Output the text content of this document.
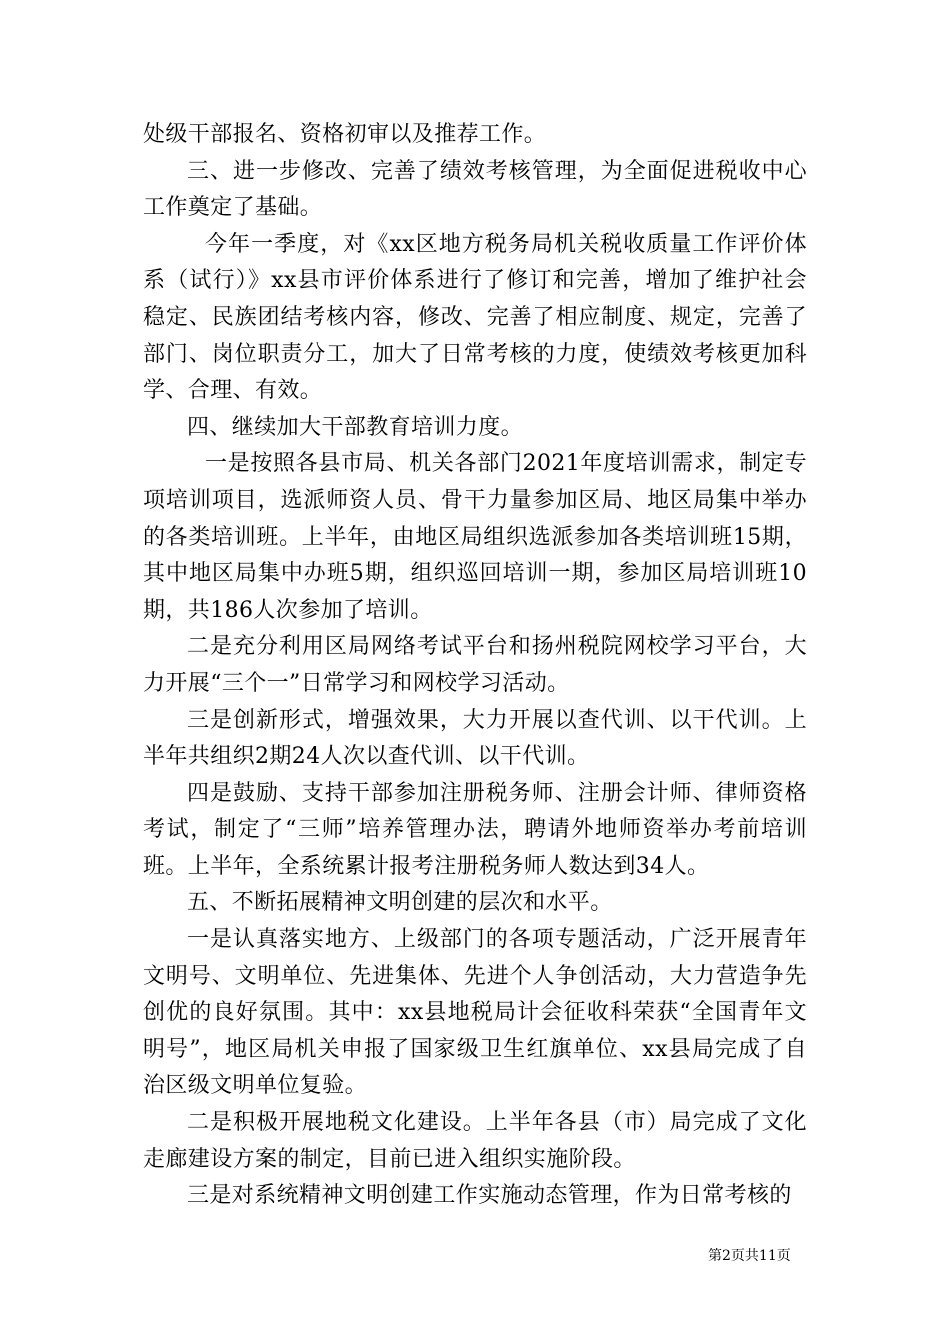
处级干部报名、资格初审以及推荐工作。

三、进一步修改、完善了绩效考核管理，为全面促进税收中心工作奠定了基础。

今年一季度，对《xx区地方税务局机关税收质量工作评价体系（试行）》xx县市评价体系进行了修订和完善，增加了维护社会稳定、民族团结考核内容，修改、完善了相应制度、规定，完善了部门、岗位职责分工，加大了日常考核的力度，使绩效考核更加科学、合理、有效。

四、继续加大干部教育培训力度。

一是按照各县市局、机关各部门2021年度培训需求，制定专项培训项目，选派师资人员、骨干力量参加区局、地区局集中举办的各类培训班。上半年，由地区局组织选派参加各类培训班15期，其中地区局集中办班5期，组织巡回培训一期，参加区局培训班10期，共186人次参加了培训。

二是充分利用区局网络考试平台和扬州税院网校学习平台，大力开展“三个一”日常学习和网校学习活动。

三是创新形式，增强效果，大力开展以查代训、以干代训。上半年共组织2期24人次以查代训、以干代训。

四是鼓励、支持干部参加注册税务师、注册会计师、律师资格考试，制定了“三师”培养管理办法，聘请外地师资举办考前培训班。上半年，全系统累计报考注册税务师人数达到34人。

五、不断拓展精神文明创建的层次和水平。

一是认真落实地方、上级部门的各项专题活动，广泛开展青年文明号、文明单位、先进集体、先进个人争创活动，大力营造争先创优的良好氛围。其中：xx县地税局计会征收科荣获“全国青年文明号”，地区局机关申报了国家级卫生红旗单位、xx县局完成了自治区级文明单位复验。

二是积极开展地税文化建设。上半年各县（市）局完成了文化走廊建设方案的制定，目前已进入组织实施阶段。

三是对系统精神文明创建工作实施动态管理，作为日常考核的

第2页共11页
